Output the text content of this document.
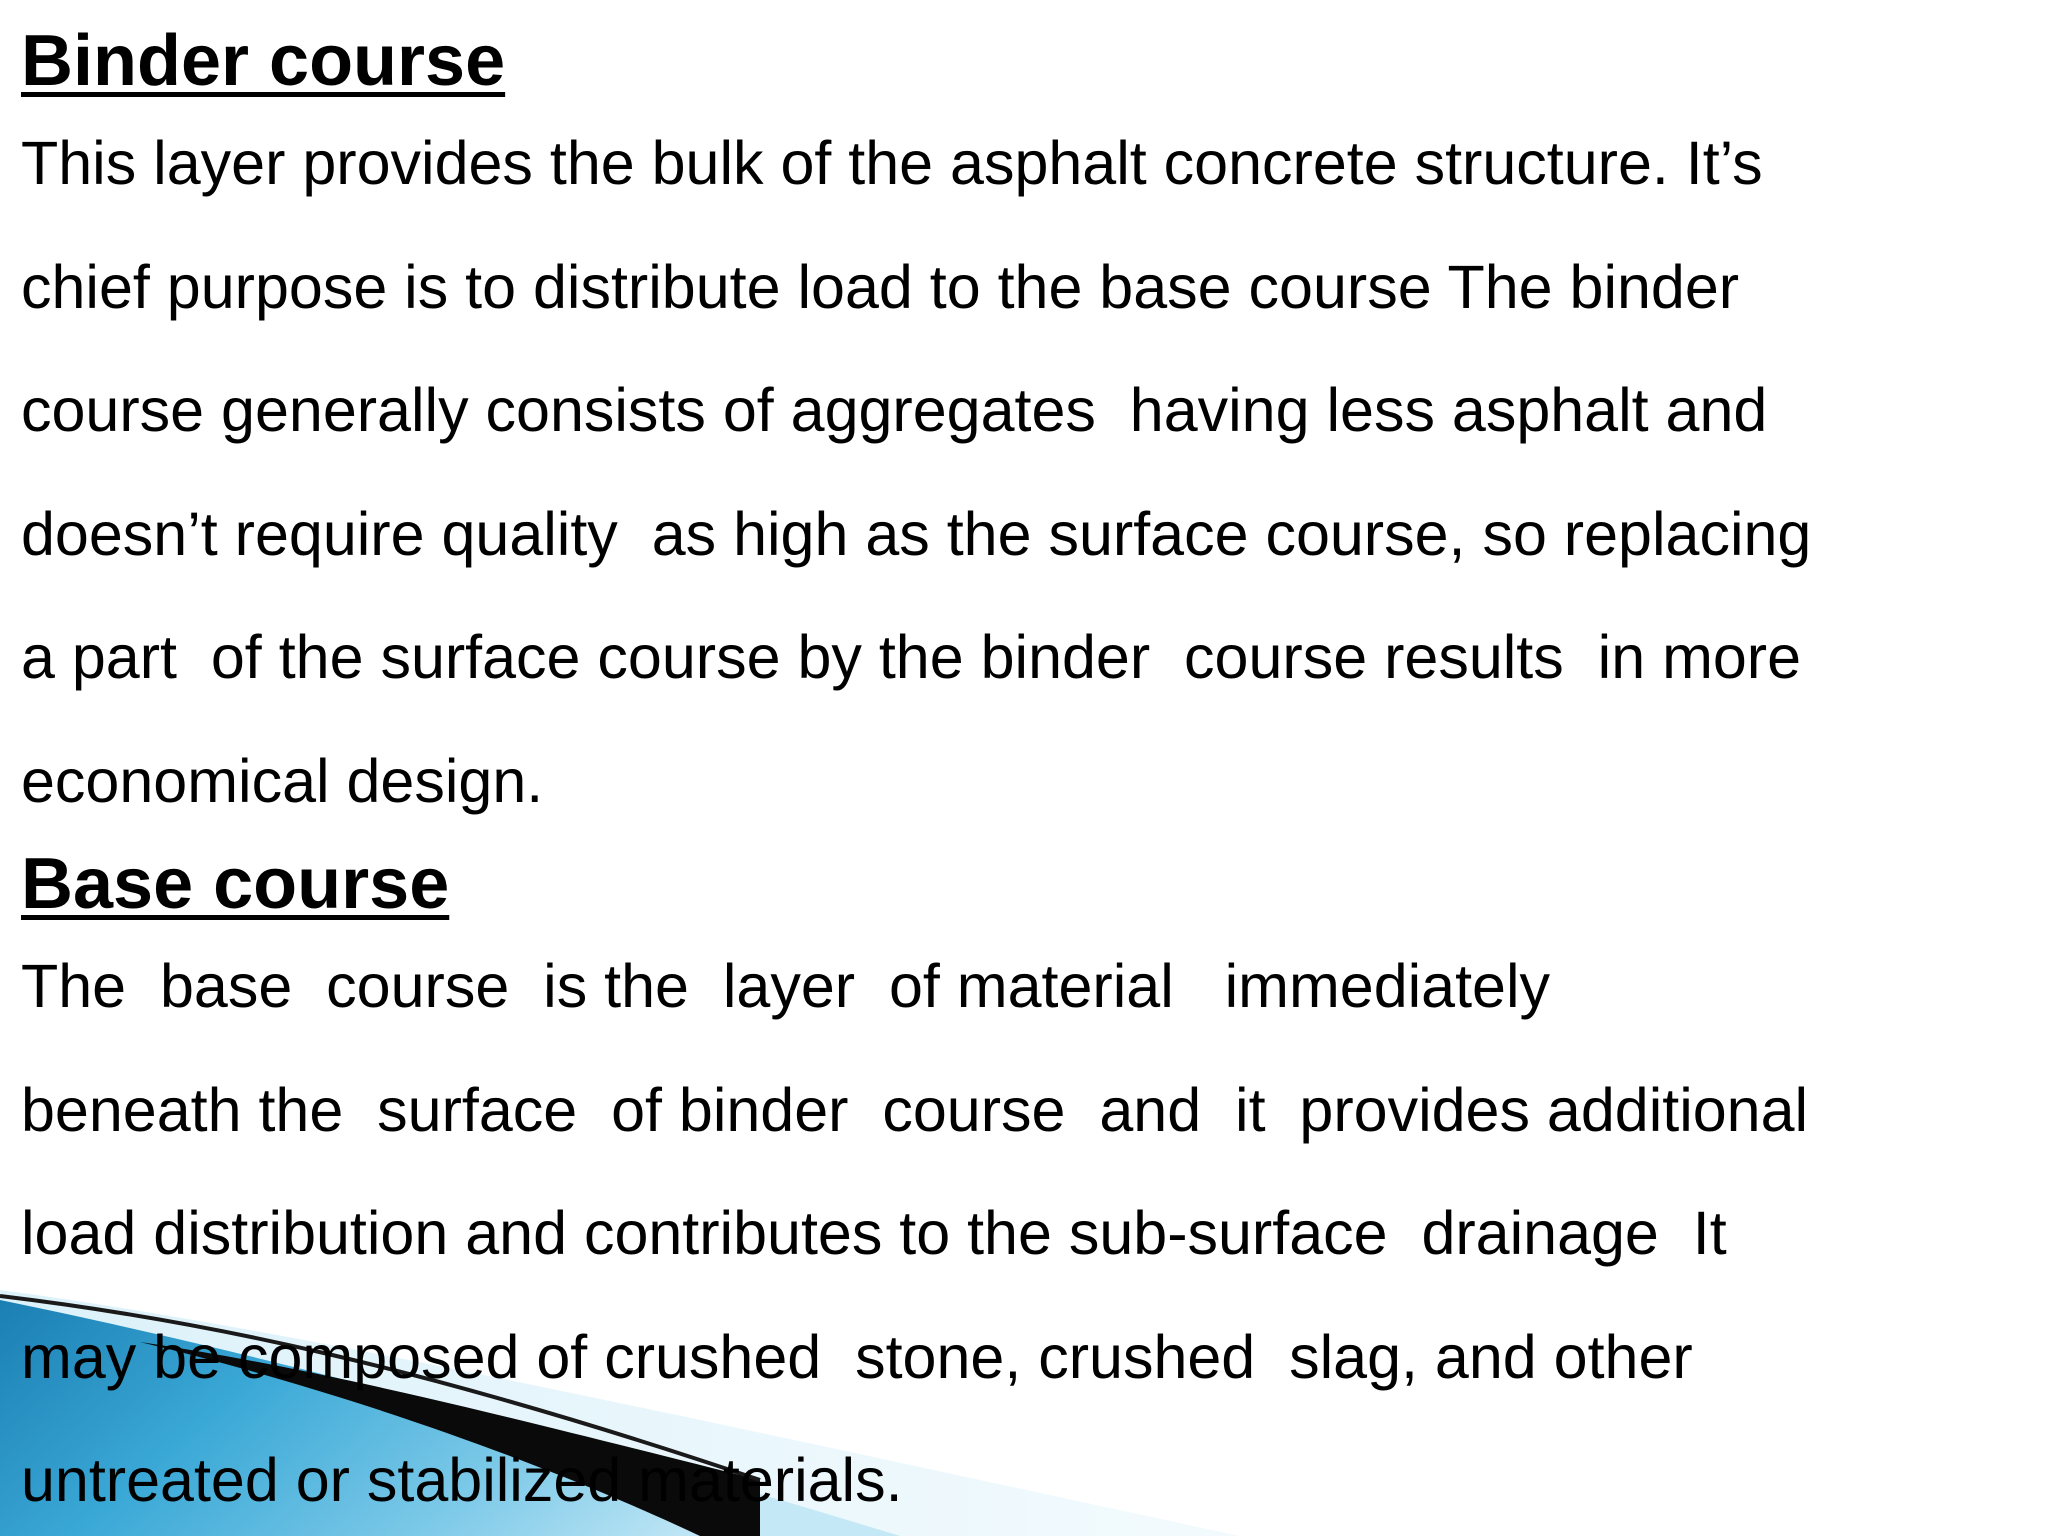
Binder course
This layer provides the bulk of the asphalt concrete structure. It’s
chief purpose is to distribute load to the base course The binder
course generally consists of aggregates  having less asphalt and
doesn’t require quality  as high as the surface course, so replacing
a part  of the surface course by the binder  course results  in more
economical design.
Base course
The  base  course  is the  layer  of material   immediately
beneath the  surface  of binder  course  and  it  provides additional
load distribution and contributes to the sub-surface  drainage  It
may be composed of crushed  stone, crushed  slag, and other
untreated or stabilized materials.
